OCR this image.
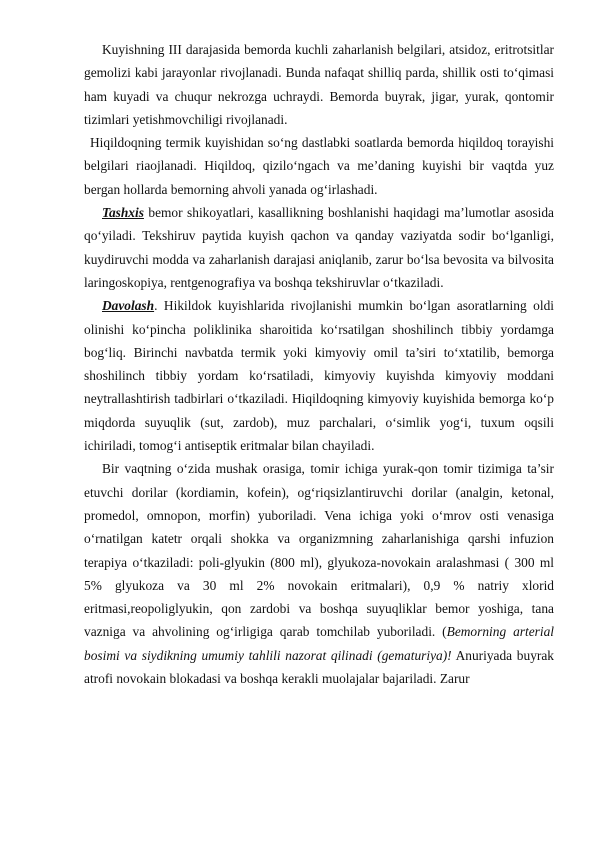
Kuyishning III darajasida bemorda kuchli zaharlanish belgilari, atsidoz, eritrotsitlar gemolizi kabi jarayonlar rivojlanadi. Bunda nafaqat shilliq parda, shillik osti to‘qimasi ham kuyadi va chuqur nekrozga uchraydi. Bemorda buyrak, jigar, yurak, qontomir tizimlari yetishmovchiligi rivojlanadi.

Hiqildoqning termik kuyishidan so‘ng dastlabki soatlarda bemorda hiqildoq torayishi belgilari riaojlanadi. Hiqildoq, qizilo‘ngach va me’daning kuyishi bir vaqtda yuz bergan hollarda bemorning ahvoli yanada og‘irlashadi.

Tashxis bemor shikoyatlari, kasallikning boshlanishi haqidagi ma’lumotlar asosida qo‘yiladi. Tekshiruv paytida kuyish qachon va qanday vaziyatda sodir bo‘lganligi, kuydiruvchi modda va zaharlanish darajasi aniqlanib, zarur bo‘lsa bevosita va bilvosita laringoskopiya, rentgenografiya va boshqa tekshiruvlar o‘tkaziladi.

Davolash. Hikildok kuyishlarida rivojlanishi mumkin bo‘lgan asoratlarning oldi olinishi ko‘pincha poliklinika sharoitida ko‘rsatilgan shoshilinch tibbiy yordamga bog‘liq. Birinchi navbatda termik yoki kimyoviy omil ta’siri to‘xtatilib, bemorga shoshilinch tibbiy yordam ko‘rsatiladi, kimyoviy kuyishda kimyoviy moddani neytrallashtirish tadbirlari o‘tkaziladi. Hiqildoqning kimyoviy kuyishida bemorga ko‘p miqdorda suyuqlik (sut, zardob), muz parchalari, o‘simlik yog‘i, tuxum oqsili ichiriladi, tomog‘i antiseptik eritmalar bilan chayiladi.

Bir vaqtning o‘zida mushak orasiga, tomir ichiga yurak-qon tomir tizimiga ta’sir etuvchi dorilar (kordiamin, kofein), og‘riqsizlantiruvchi dorilar (analgin, ketonal, promedol, omnopon, morfin) yuboriladi. Vena ichiga yoki o‘mrov osti venasiga o‘rnatilgan katetr orqali shokka va organizmning zaharlanishiga qarshi infuzion terapiya o‘tkaziladi: poli-glyukin (800 ml), glyukoza-novokain aralashmasi ( 300 ml 5% glyukoza va 30 ml 2% novokain eritmalari), 0,9 % natriy xlorid eritmasi,reopoliglyukin, qon zardobi va boshqa suyuqliklar bemor yoshiga, tana vazniga va ahvolining og‘irligiga qarab tomchilab yuboriladi. (Bemorning arterial bosimi va siydikning umumiy tahlili nazorat qilinadi (gematuriya)! Anuriyada buyrak atrofi novokain blokadasi va boshqa kerakli muolajalar bajariladi. Zarur
